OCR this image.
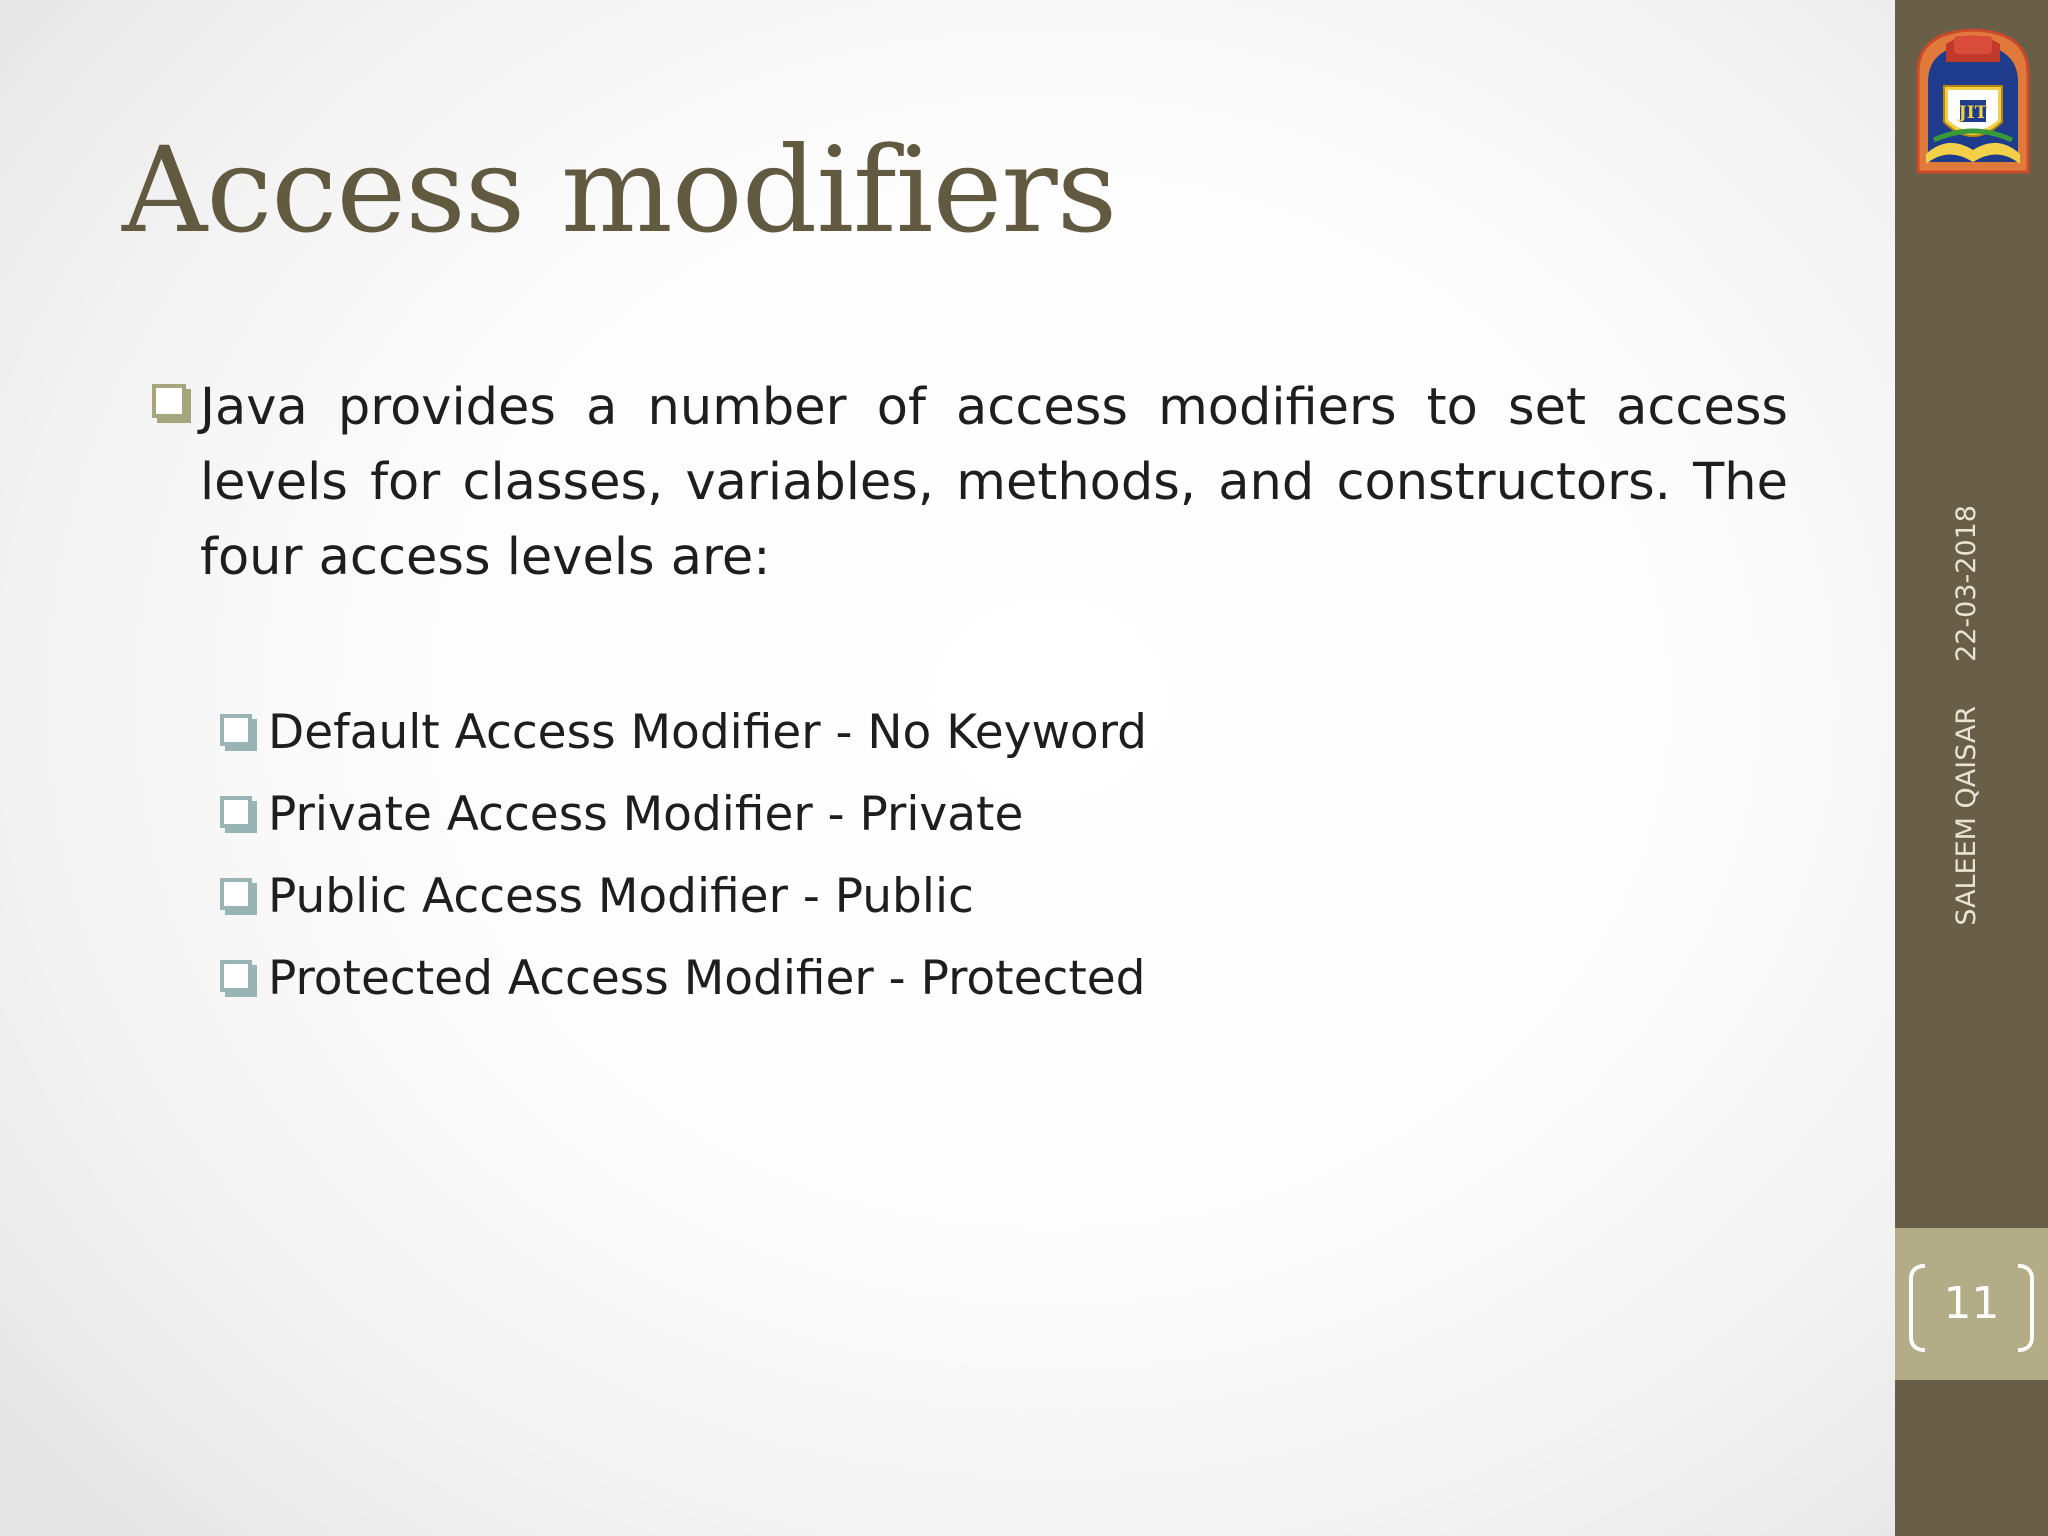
Access modifiers
Java provides a number of access modifiers to set access levels for classes, variables, methods, and constructors. The four access levels are:
Default Access Modifier - No Keyword
Private Access Modifier - Private
Public Access Modifier - Public
Protected Access Modifier - Protected
JIT
SALEEM QAISAR
22-03-2018
11
